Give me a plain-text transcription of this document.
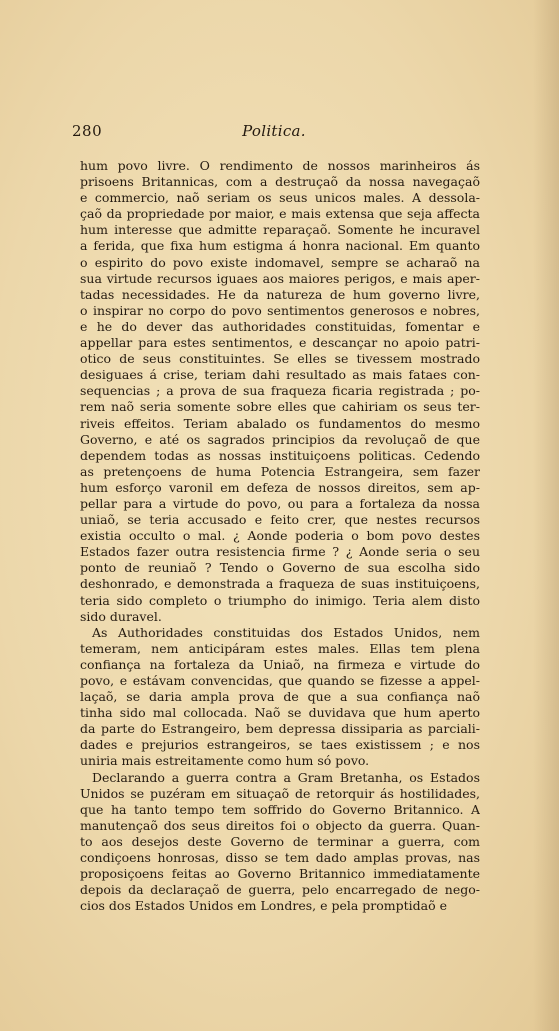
280	Politica.
hum povo livre. O rendimento de nossos marinheiros ás
prisoens Britannicas, com a destruçaõ da nossa navegaçaõ
e commercio, naõ seriam os seus unicos males. A dessola-
çaõ da propriedade por maior, e mais extensa que seja affecta
hum interesse que admitte reparaçaõ. Somente he incuravel
a ferida, que fixa hum estigma á honra nacional. Em quanto
o espirito do povo existe indomavel, sempre se acharaõ na
sua virtude recursos iguaes aos maiores perigos, e mais aper-
tadas necessidades. He da natureza de hum governo livre,
o inspirar no corpo do povo sentimentos generosos e nobres,
e he do dever das authoridades constituidas, fomentar e
appellar para estes sentimentos, e descançar no apoio patri-
otico de seus constituintes. Se elles se tivessem mostrado
desiguaes á crise, teriam dahi resultado as mais fataes con-
sequencias ; a prova de sua fraqueza ficaria registrada ; po-
rem naõ seria somente sobre elles que cahiriam os seus ter-
riveis effeitos. Teriam abalado os fundamentos do mesmo
Governo, e até os sagrados principios da revoluçaõ de que
dependem todas as nossas instituiçoens politicas. Cedendo
as pretençoens de huma Potencia Estrangeira, sem fazer
hum esforço varonil em defeza de nossos direitos, sem ap-
pellar para a virtude do povo, ou para a fortaleza da nossa
uniaõ, se teria accusado e feito crer, que nestes recursos
existia occulto o mal. ¿ Aonde poderia o bom povo destes
Estados fazer outra resistencia firme ? ¿ Aonde seria o seu
ponto de reuniaõ ? Tendo o Governo de sua escolha sido
deshonrado, e demonstrada a fraqueza de suas instituiçoens,
teria sido completo o triumpho do inimigo. Teria alem disto
sido duravel.
As Authoridades constituidas dos Estados Unidos, nem
temeram, nem anticipáram estes males. Ellas tem plena
confiança na fortaleza da Uniaõ, na firmeza e virtude do
povo, e estávam convencidas, que quando se fizesse a appel-
laçaõ, se daria ampla prova de que a sua confiança naõ
tinha sido mal collocada. Naõ se duvidava que hum aperto
da parte do Estrangeiro, bem depressa dissiparia as parciali-
dades e prejurios estrangeiros, se taes existissem ; e nos
uniria mais estreitamente como hum só povo.
Declarando a guerra contra a Gram Bretanha, os Estados
Unidos se puzéram em situaçaõ de retorquir ás hostilidades,
que ha tanto tempo tem soffrido do Governo Britannico. A
manutençaõ dos seus direitos foi o objecto da guerra. Quan-
to aos desejos deste Governo de terminar a guerra, com
condiçoens honrosas, disso se tem dado amplas provas, nas
proposiçoens feitas ao Governo Britannico immediatamente
depois da declaraçaõ de guerra, pelo encarregado de nego-
cios dos Estados Unidos em Londres, e pela promptidaõ e
